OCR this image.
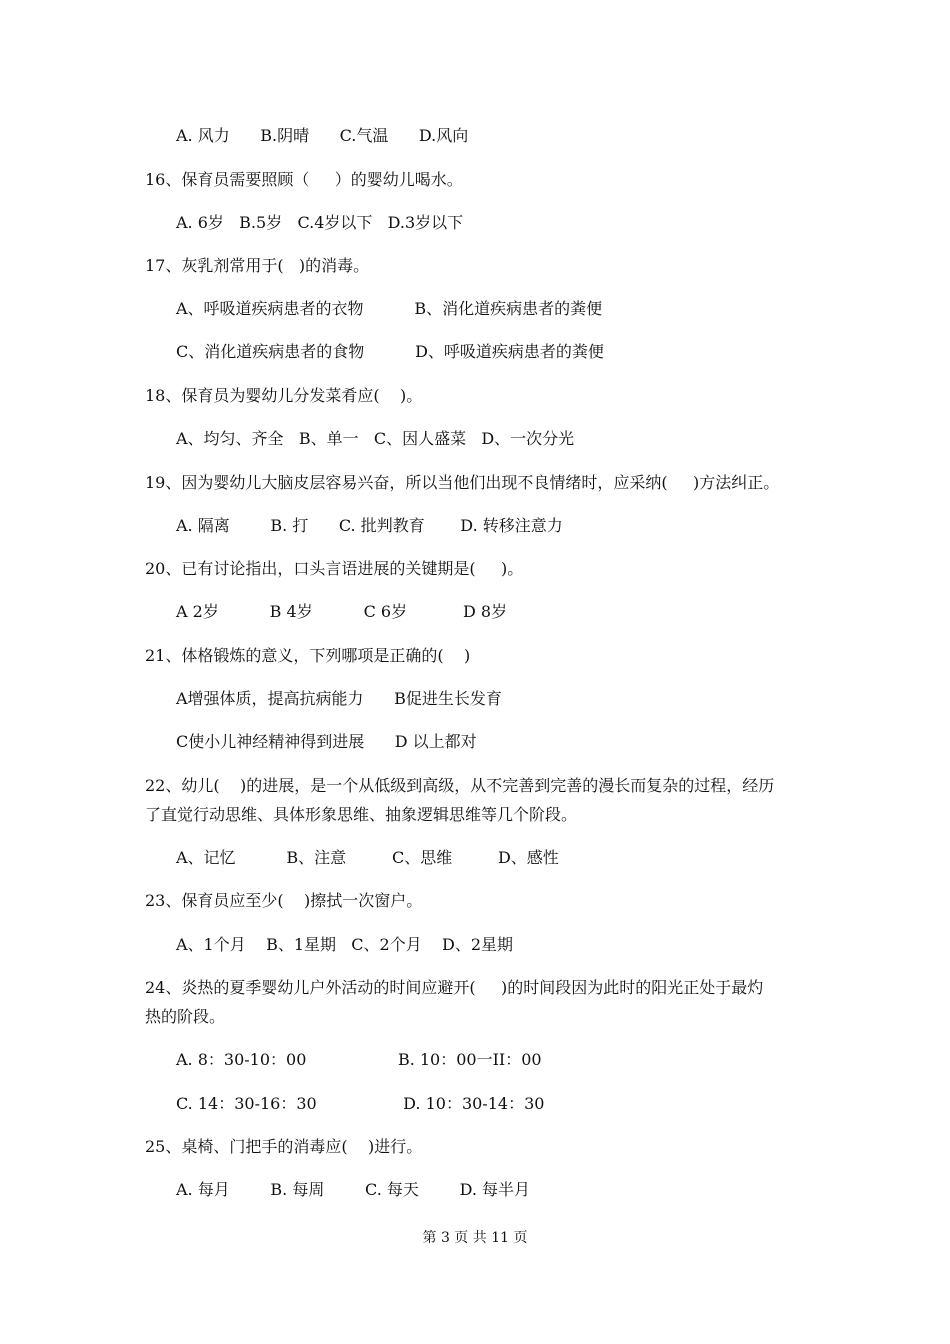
A. 风力      B.阴晴      C.气温      D.风向
16、保育员需要照顾（     ）的婴幼儿喝水。
A. 6岁   B.5岁   C.4岁以下   D.3岁以下
17、灰乳剂常用于(   )的消毒。
A、呼吸道疾病患者的衣物          B、消化道疾病患者的粪便
C、消化道疾病患者的食物          D、呼吸道疾病患者的粪便
18、保育员为婴幼儿分发菜肴应(    )。
A、均匀、齐全   B、单一   C、因人盛菜   D、一次分光
19、因为婴幼儿大脑皮层容易兴奋，所以当他们出现不良情绪时，应采纳(     )方法纠正。
A. 隔离        B. 打      C. 批判教育       D. 转移注意力
20、已有讨论指出，口头言语进展的关键期是(     )。
A 2岁          B 4岁          C 6岁           D 8岁
21、体格锻炼的意义，下列哪项是正确的(    )
A增强体质，提高抗病能力      B促进生长发育
C使小儿神经精神得到进展      D 以上都对
22、幼儿(    )的进展，是一个从低级到高级，从不完善到完善的漫长而复杂的过程，经历
了直觉行动思维、具体形象思维、抽象逻辑思维等几个阶段。
A、记忆          B、注意         C、思维         D、感性
23、保育员应至少(    )擦拭一次窗户。
A、1个月    B、1星期   C、2个月    D、2星期
24、炎热的夏季婴幼儿户外活动的时间应避开(     )的时间段因为此时的阳光正处于最灼
热的阶段。
A. 8：30-10：00                  B. 10：00一II：00
C. 14：30-16：30                 D. 10：30-14：30
25、桌椅、门把手的消毒应(    )进行。
A. 每月        B. 每周        C. 每天        D. 每半月
第 3 页 共 11 页
